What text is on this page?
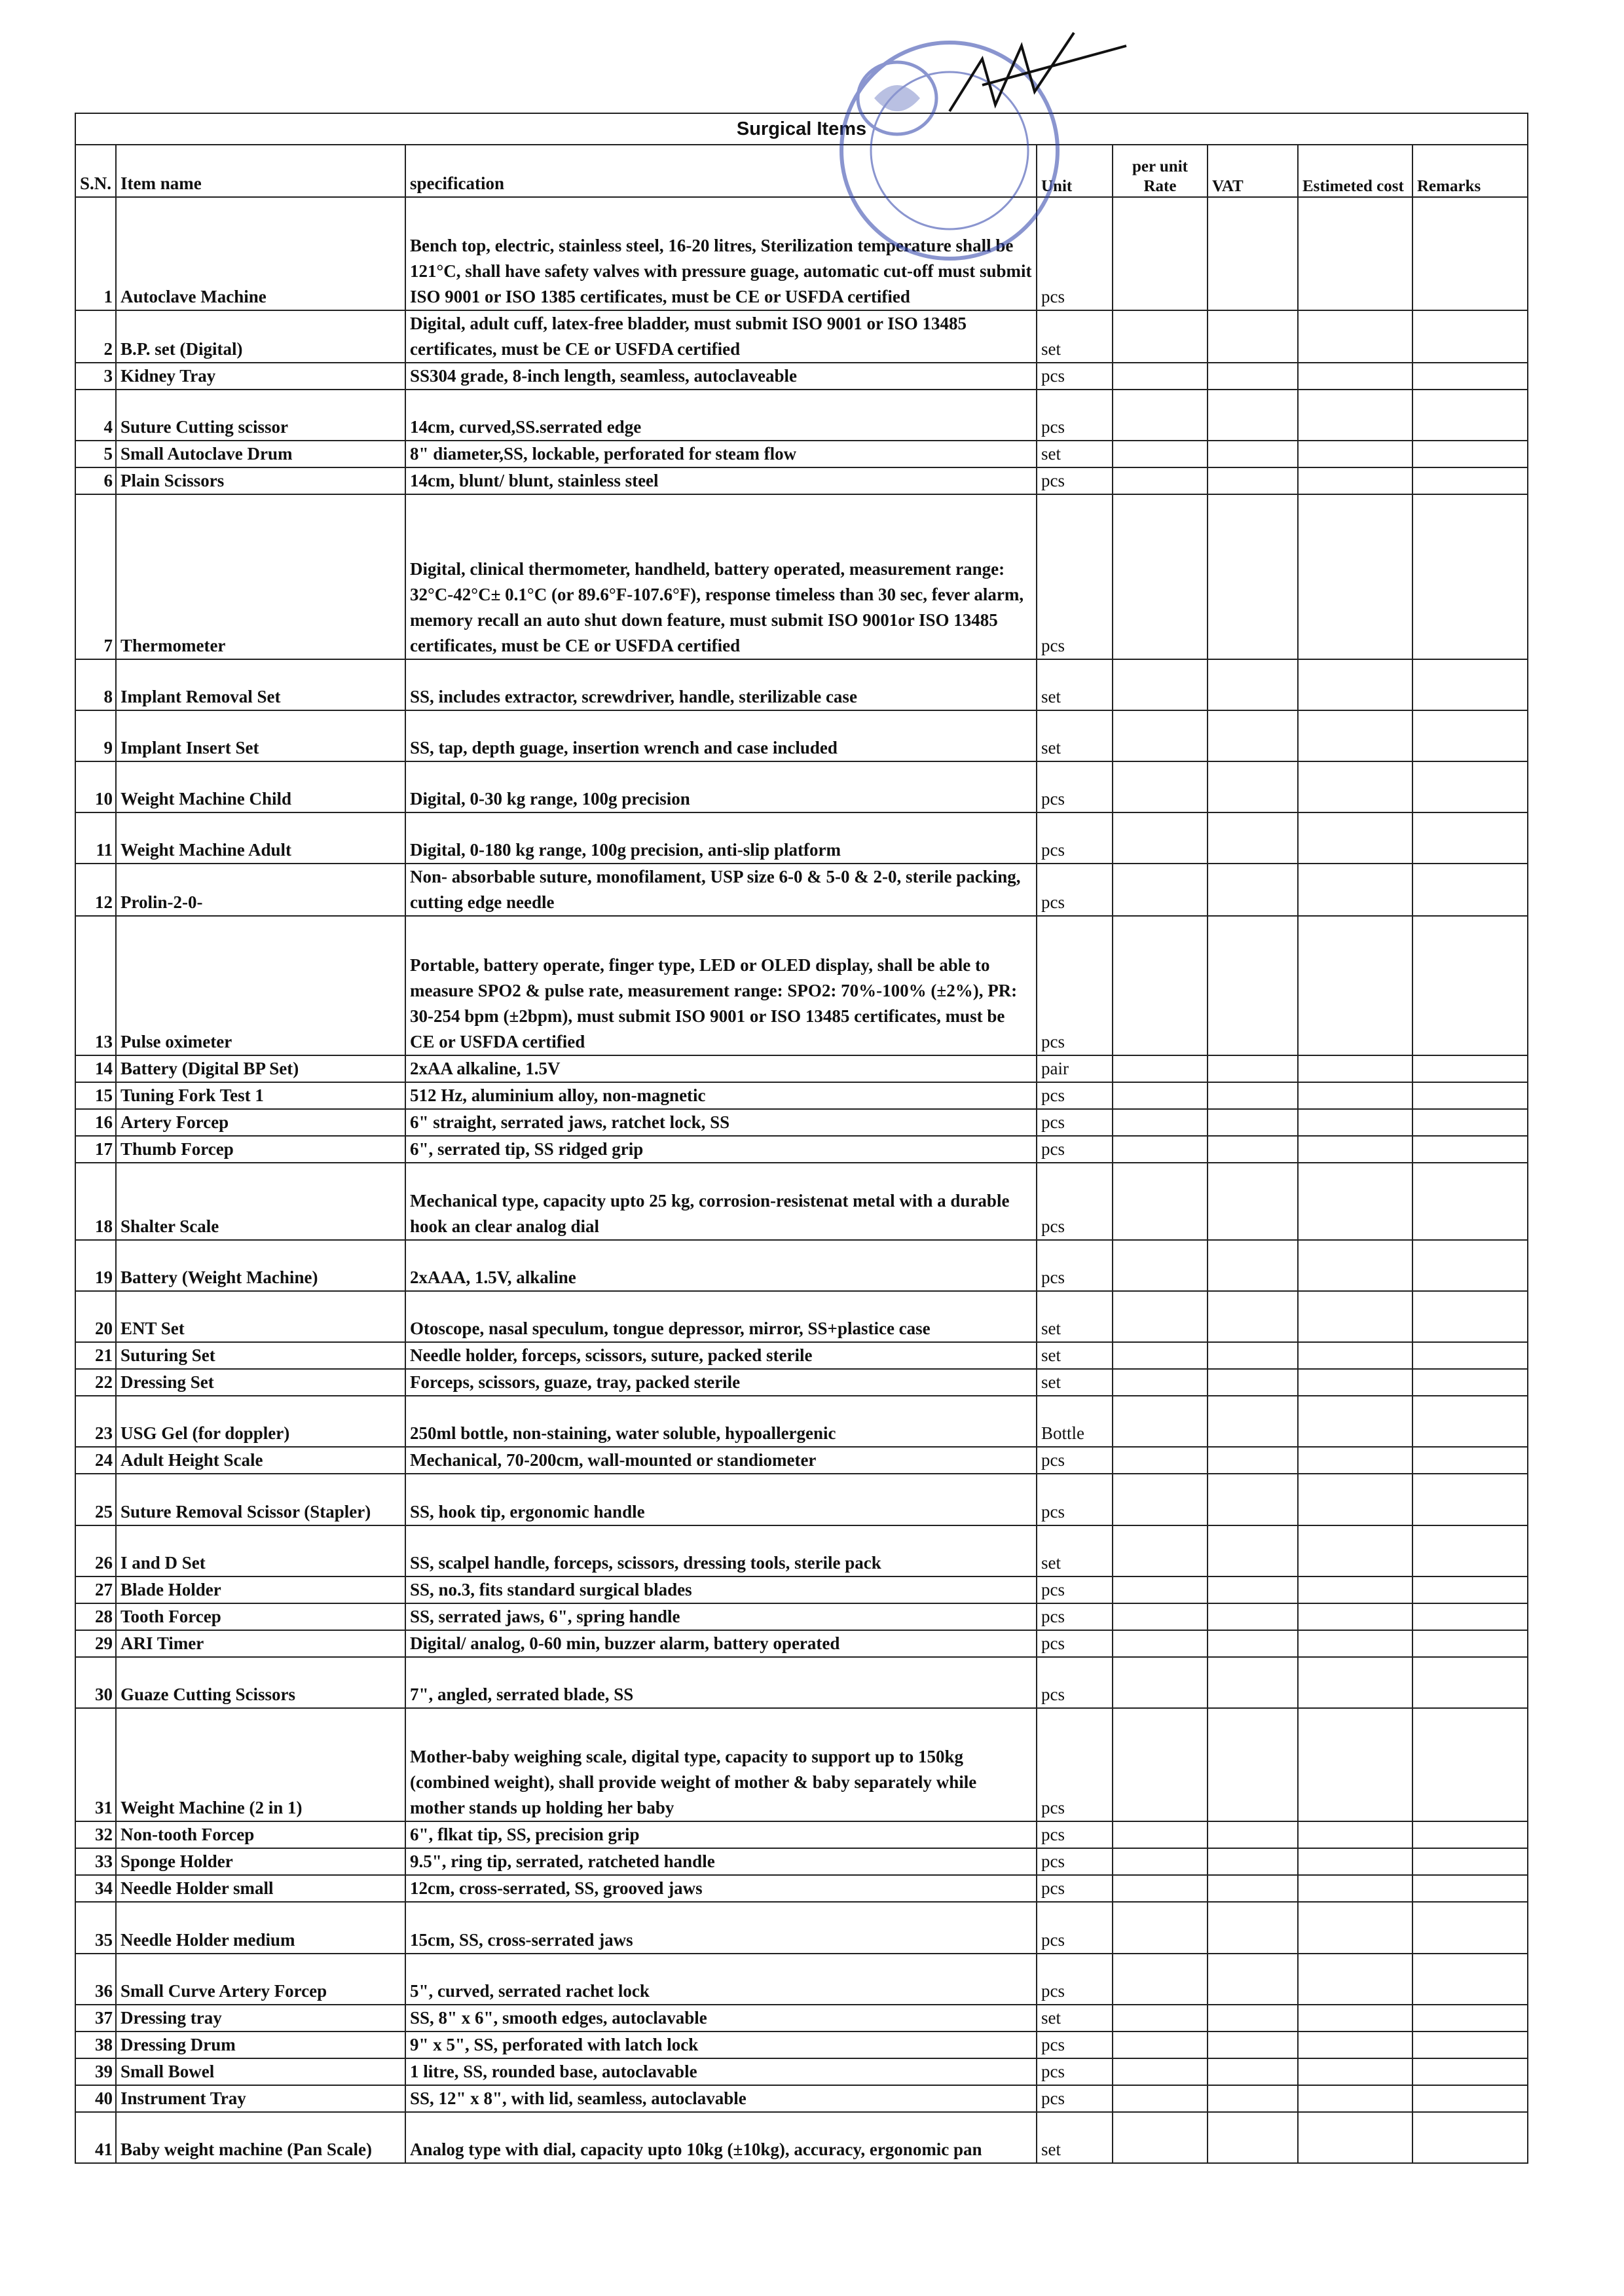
Surgical Items							
S.N.	Item name	specification	Unit	per unit Rate	VAT	Estimeted cost	Remarks
1	Autoclave Machine	Bench top, electric, stainless steel, 16-20 litres, Sterilization temperature shall be 121°C, shall have safety valves with pressure guage, automatic cut-off must submit ISO 9001 or ISO 1385 certificates, must be CE or USFDA certified	pcs				
2	B.P. set (Digital)	Digital, adult cuff, latex-free bladder, must submit ISO 9001 or ISO 13485 certificates, must be CE or USFDA certified	set				
3	Kidney Tray	SS304 grade, 8-inch length, seamless, autoclaveable	pcs				
4	Suture Cutting scissor	14cm, curved,SS.serrated edge	pcs				
5	Small Autoclave Drum	8" diameter,SS, lockable, perforated for steam flow	set				
6	Plain Scissors	14cm, blunt/ blunt, stainless steel	pcs				
7	Thermometer	Digital, clinical thermometer, handheld, battery operated, measurement range: 32°C-42°C± 0.1°C (or 89.6°F-107.6°F), response timeless than 30 sec, fever alarm, memory recall an auto shut down feature, must submit ISO 9001or ISO 13485 certificates, must be CE or USFDA certified	pcs				
8	Implant Removal Set	SS, includes extractor, screwdriver, handle, sterilizable case	set				
9	Implant Insert Set	SS, tap, depth guage, insertion wrench and case included	set				
10	Weight Machine Child	Digital, 0-30 kg range, 100g precision	pcs				
11	Weight Machine Adult	Digital, 0-180 kg range, 100g precision, anti-slip platform	pcs				
12	Prolin-2-0-	Non- absorbable suture, monofilament, USP size 6-0 & 5-0 & 2-0, sterile packing, cutting edge needle	pcs				
13	Pulse oximeter	Portable, battery operate, finger type, LED or OLED display, shall be able to measure SPO2 & pulse rate, measurement range: SPO2: 70%-100% (±2%), PR: 30-254 bpm (±2bpm), must submit ISO 9001 or ISO 13485 certificates, must be CE or USFDA certified	pcs				
14	Battery (Digital BP Set)	2xAA alkaline, 1.5V	pair				
15	Tuning Fork Test 1	512 Hz, aluminium alloy, non-magnetic	pcs				
16	Artery Forcep	6" straight, serrated jaws, ratchet lock, SS	pcs				
17	Thumb Forcep	6", serrated tip, SS ridged grip	pcs				
18	Shalter Scale	Mechanical type, capacity upto 25 kg, corrosion-resistenat metal with a durable hook an clear analog dial	pcs				
19	Battery (Weight Machine)	2xAAA, 1.5V, alkaline	pcs				
20	ENT Set	Otoscope, nasal speculum, tongue depressor, mirror, SS+plastice case	set				
21	Suturing Set	Needle holder, forceps, scissors, suture, packed sterile	set				
22	Dressing Set	Forceps, scissors, guaze, tray, packed sterile	set				
23	USG Gel (for doppler)	250ml bottle, non-staining, water soluble, hypoallergenic	Bottle				
24	Adult Height Scale	Mechanical, 70-200cm, wall-mounted or standiometer	pcs				
25	Suture Removal Scissor (Stapler)	SS, hook tip, ergonomic handle	pcs				
26	I and D Set	SS, scalpel handle, forceps, scissors, dressing tools, sterile pack	set				
27	Blade Holder	SS, no.3, fits standard surgical blades	pcs				
28	Tooth Forcep	SS, serrated jaws, 6", spring handle	pcs				
29	ARI Timer	Digital/ analog, 0-60 min, buzzer alarm, battery operated	pcs				
30	Guaze Cutting Scissors	7", angled, serrated blade, SS	pcs				
31	Weight Machine (2 in 1)	Mother-baby weighing scale, digital type, capacity to support up to 150kg (combined weight), shall provide weight of mother & baby separately while mother stands up holding her baby	pcs				
32	Non-tooth Forcep	6", flkat tip, SS, precision grip	pcs				
33	Sponge Holder	9.5", ring tip, serrated, ratcheted handle	pcs				
34	Needle Holder small	12cm, cross-serrated, SS, grooved jaws	pcs				
35	Needle Holder medium	15cm, SS, cross-serrated jaws	pcs				
36	Small Curve Artery Forcep	5", curved, serrated rachet lock	pcs				
37	Dressing tray	SS, 8" x 6", smooth edges, autoclavable	set				
38	Dressing Drum	9" x 5", SS, perforated with latch lock	pcs				
39	Small Bowel	1 litre, SS, rounded base, autoclavable	pcs				
40	Instrument Tray	SS, 12" x 8", with lid, seamless, autoclavable	pcs				
41	Baby weight machine (Pan Scale)	Analog type with dial, capacity upto 10kg (±10kg), accuracy, ergonomic pan	set				
